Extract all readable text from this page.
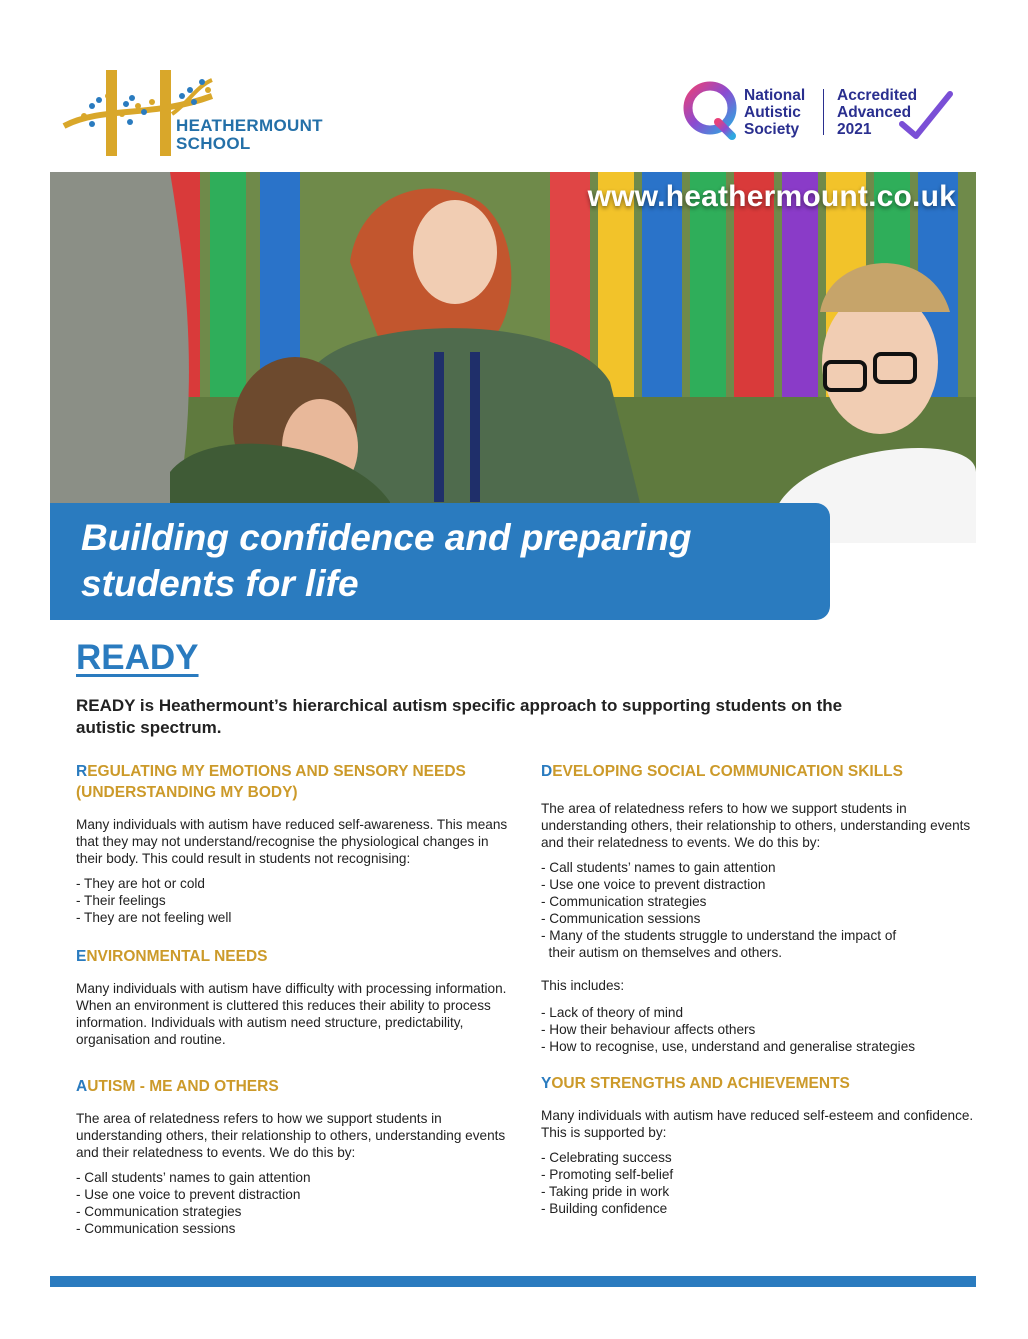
HEATHERMOUNT
SCHOOL
National
Autistic
Society
Accredited
Advanced
2021
www.heathermount.co.uk
Building confidence and preparing students for life
READY
READY is Heathermount’s hierarchical autism specific approach to supporting students on the autistic spectrum.
REGULATING MY EMOTIONS AND SENSORY NEEDS (UNDERSTANDING MY BODY)
Many individuals with autism have reduced self-awareness. This means that they may not understand/recognise the physiological changes in their body. This could result in students not recognising:
- They are hot or cold
- Their feelings
- They are not feeling well
ENVIRONMENTAL NEEDS
Many individuals with autism have difficulty with processing information. When an environment is cluttered this reduces their ability to process information. Individuals with autism need structure, predictability, organisation and routine.
AUTISM - ME AND OTHERS
The area of relatedness refers to how we support students in understanding others, their relationship to others, understanding events and their relatedness to events. We do this by:
- Call students’ names to gain attention
- Use one voice to prevent distraction
- Communication strategies
- Communication sessions
DEVELOPING SOCIAL COMMUNICATION SKILLS
The area of relatedness refers to how we support students in understanding others, their relationship to others, understanding events and their relatedness to events. We do this by:
- Call students’ names to gain attention
- Use one voice to prevent distraction
- Communication strategies
- Communication sessions
- Many of the students struggle to understand the impact of
their autism on themselves and others.
This includes:
- Lack of theory of mind
- How their behaviour affects others
- How to recognise, use, understand and generalise strategies
YOUR STRENGTHS AND ACHIEVEMENTS
Many individuals with autism have reduced self-esteem and confidence. This is supported by:
- Celebrating success
- Promoting self-belief
- Taking pride in work
- Building confidence
